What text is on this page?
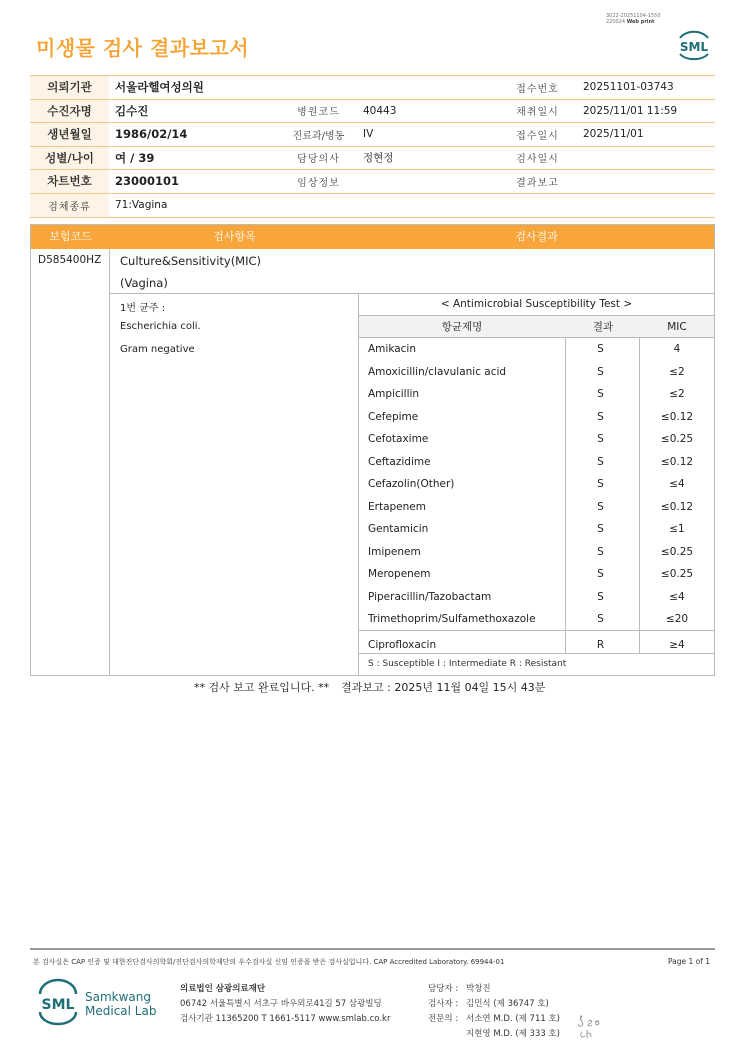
3022-20251104-1550
220024 Web print
미생물 검사 결과보고서	SML
의뢰기관	서울라헬여성의원			접수번호	20251101-03743
수진자명	김수진	병원코드	40443	채취일시	2025/11/01 11:59
생년월일	1986/02/14	진료과/병동	IV	접수일시	2025/11/01
성별/나이	여 / 39	담당의사	정현정	검사일시	
차트번호	23000101	임상정보		결과보고	
검체종류	71:Vagina				
보험코드	검사항목	검사결과
D585400HZ Culture&Sensitivity(MIC)
(Vagina)
1번 균주 :
Escherichia coli.
Gram negative
< Antimicrobial Susceptibility Test >
항균제명	결과	MIC
Amikacin	S	4
Amoxicillin/clavulanic acid	S	≤2
Ampicillin	S	≤2
Cefepime	S	≤0.12
Cefotaxime	S	≤0.25
Ceftazidime	S	≤0.12
Cefazolin(Other)	S	≤4
Ertapenem	S	≤0.12
Gentamicin	S	≤1
Imipenem	S	≤0.25
Meropenem	S	≤0.25
Piperacillin/Tazobactam	S	≤4
Trimethoprim/Sulfamethoxazole	S	≤20
Ciprofloxacin	R	≥4
S : Susceptible I : Intermediate R : Resistant
** 검사 보고 완료입니다. ** 결과보고 : 2025년 11월 04일 15시 43분
본 검사실은 CAP 인증 및 대한진단검사의학회/진단검사의학재단의 우수검사실 신임 인증을 받은 검사실입니다. CAP Accredited Laboratory. 69944-01	Page 1 of 1
SML Samkwang
Medical Lab
의료법인 삼광의료재단
06742 서울특별시 서초구 바우뫼로41길 57 삼광빌딩
검사기관 11365200 T 1661-5117 www.smlab.co.kr
담당자 : 박창진
검사자 : 김민식 (제 36747 호)
전문의 : 서소연 M.D. (제 711 호)
지현영 M.D. (제 333 호)
